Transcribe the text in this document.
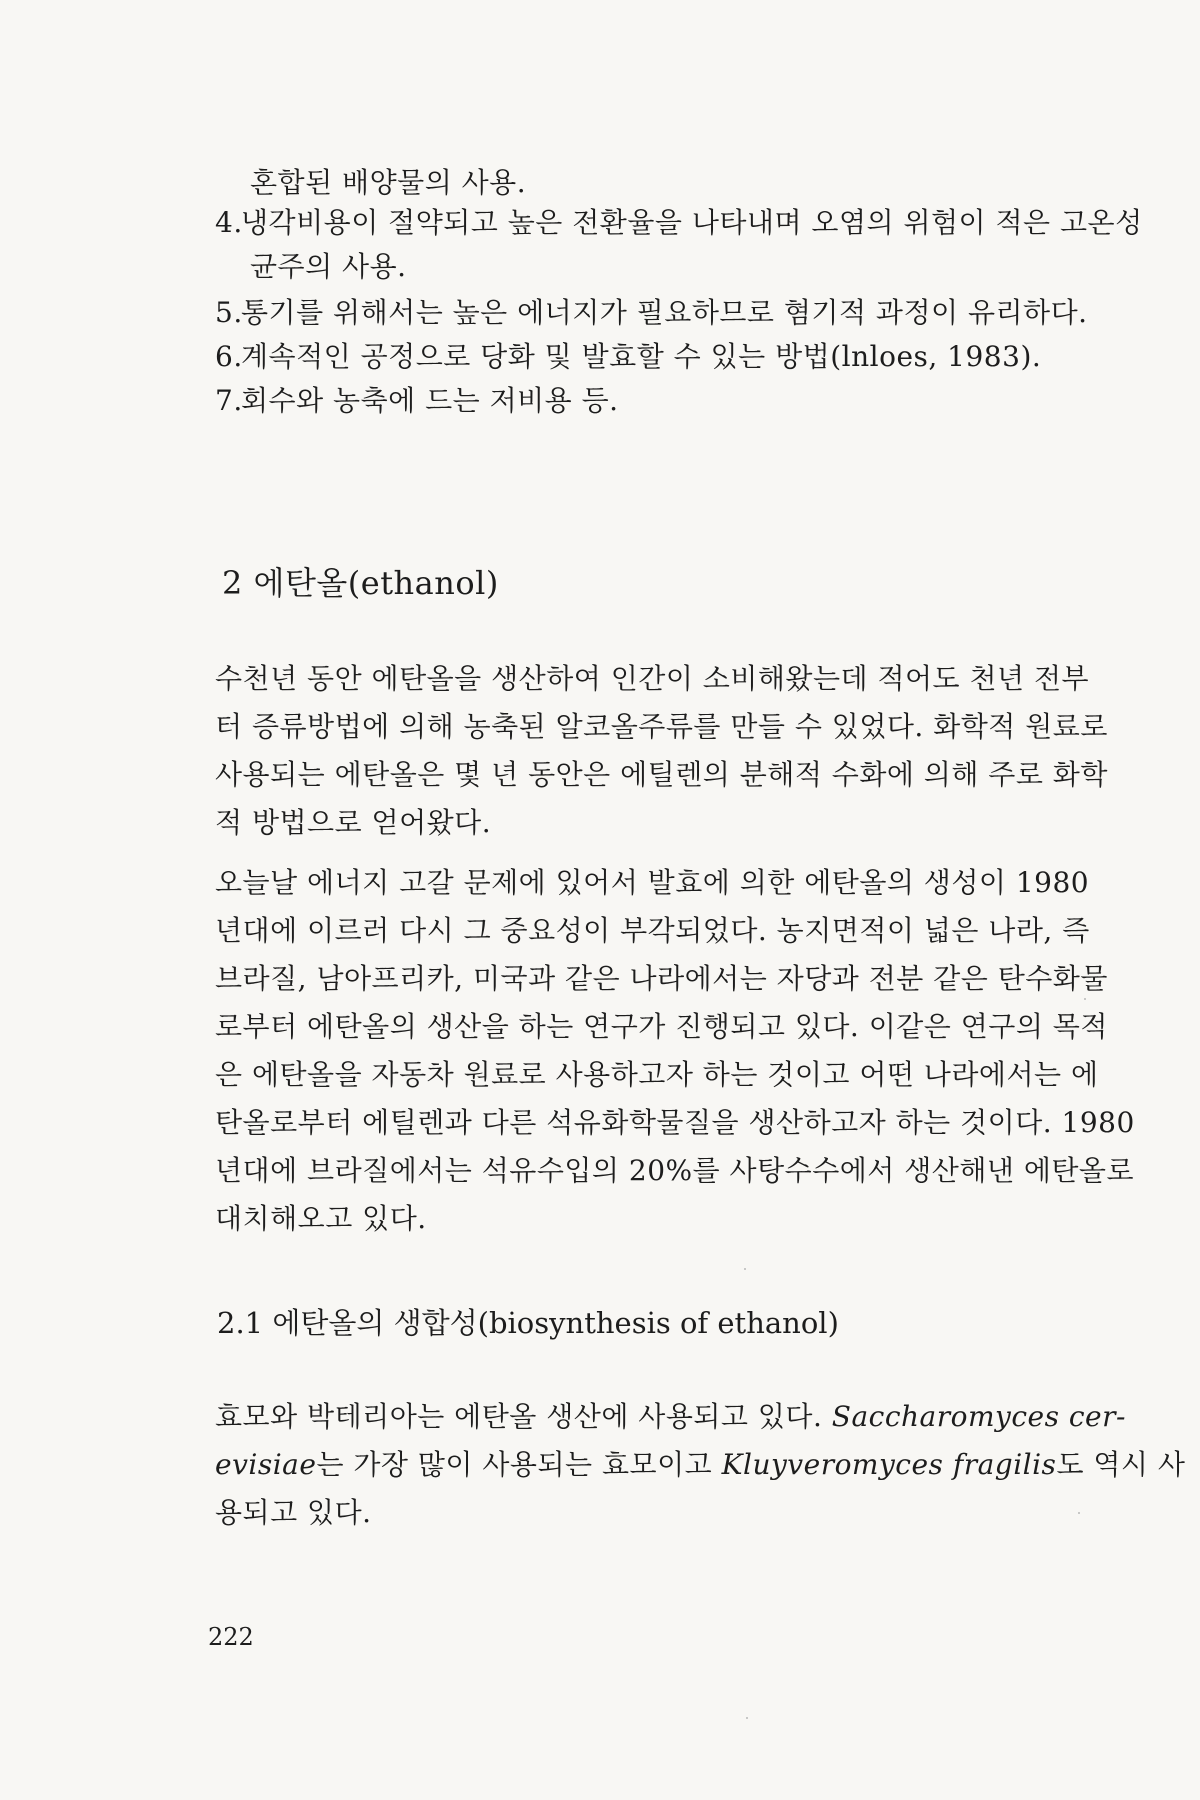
혼합된 배양물의 사용.
4.냉각비용이 절약되고 높은 전환율을 나타내며 오염의 위험이 적은 고온성
균주의 사용.
5.통기를 위해서는 높은 에너지가 필요하므로 혐기적 과정이 유리하다.
6.계속적인 공정으로 당화 및 발효할 수 있는 방법(lnloes, 1983).
7.회수와 농축에 드는 저비용 등.
2 에탄올(ethanol)
수천년 동안 에탄올을 생산하여 인간이 소비해왔는데 적어도 천년 전부
터 증류방법에 의해 농축된 알코올주류를 만들 수 있었다. 화학적 원료로
사용되는 에탄올은 몇 년 동안은 에틸렌의 분해적 수화에 의해 주로 화학
적 방법으로 얻어왔다.
오늘날 에너지 고갈 문제에 있어서 발효에 의한 에탄올의 생성이 1980
년대에 이르러 다시 그 중요성이 부각되었다. 농지면적이 넓은 나라, 즉
브라질, 남아프리카, 미국과 같은 나라에서는 자당과 전분 같은 탄수화물
로부터 에탄올의 생산을 하는 연구가 진행되고 있다. 이같은 연구의 목적
은 에탄올을 자동차 원료로 사용하고자 하는 것이고 어떤 나라에서는 에
탄올로부터 에틸렌과 다른 석유화학물질을 생산하고자 하는 것이다. 1980
년대에 브라질에서는 석유수입의 20%를 사탕수수에서 생산해낸 에탄올로
대치해오고 있다.
2.1 에탄올의 생합성(biosynthesis of ethanol)
효모와 박테리아는 에탄올 생산에 사용되고 있다. Saccharomyces cer-
evisiae는 가장 많이 사용되는 효모이고 Kluyveromyces fragilis도 역시 사
용되고 있다.
222
